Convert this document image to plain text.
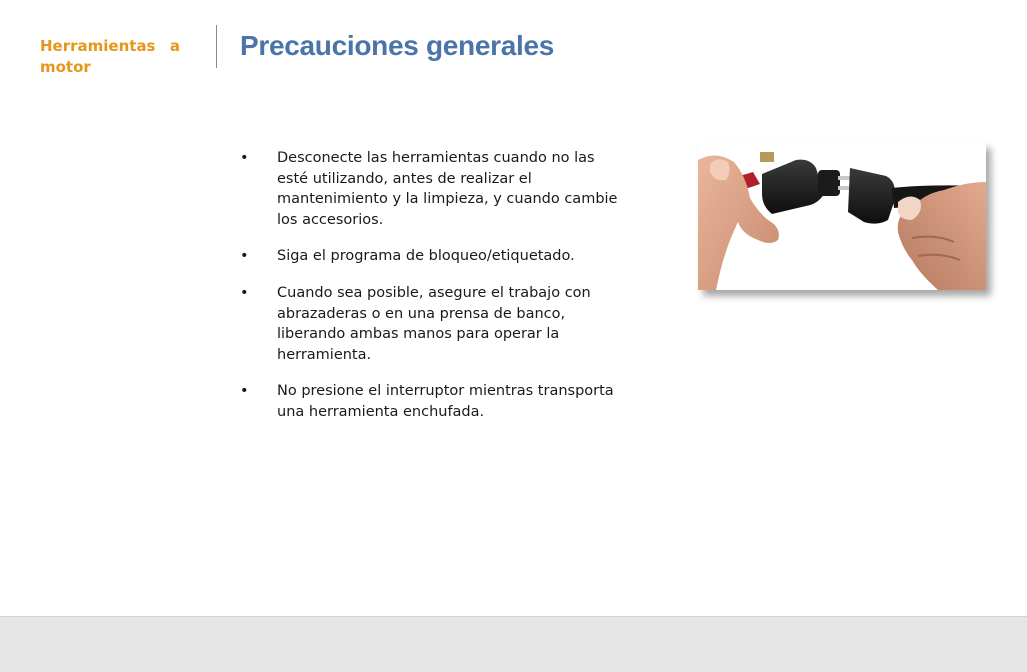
Herramientas a motor
Precauciones generales
• Desconecte las herramientas cuando no las esté utilizando, antes de realizar el mantenimiento y la limpieza, y cuando cambie los accesorios.
• Siga el programa de bloqueo/etiquetado.
• Cuando sea posible, asegure el trabajo con abrazaderas o en una prensa de banco, liberando ambas manos para operar la herramienta.
• No presione el interruptor mientras transporta una herramienta enchufada.
